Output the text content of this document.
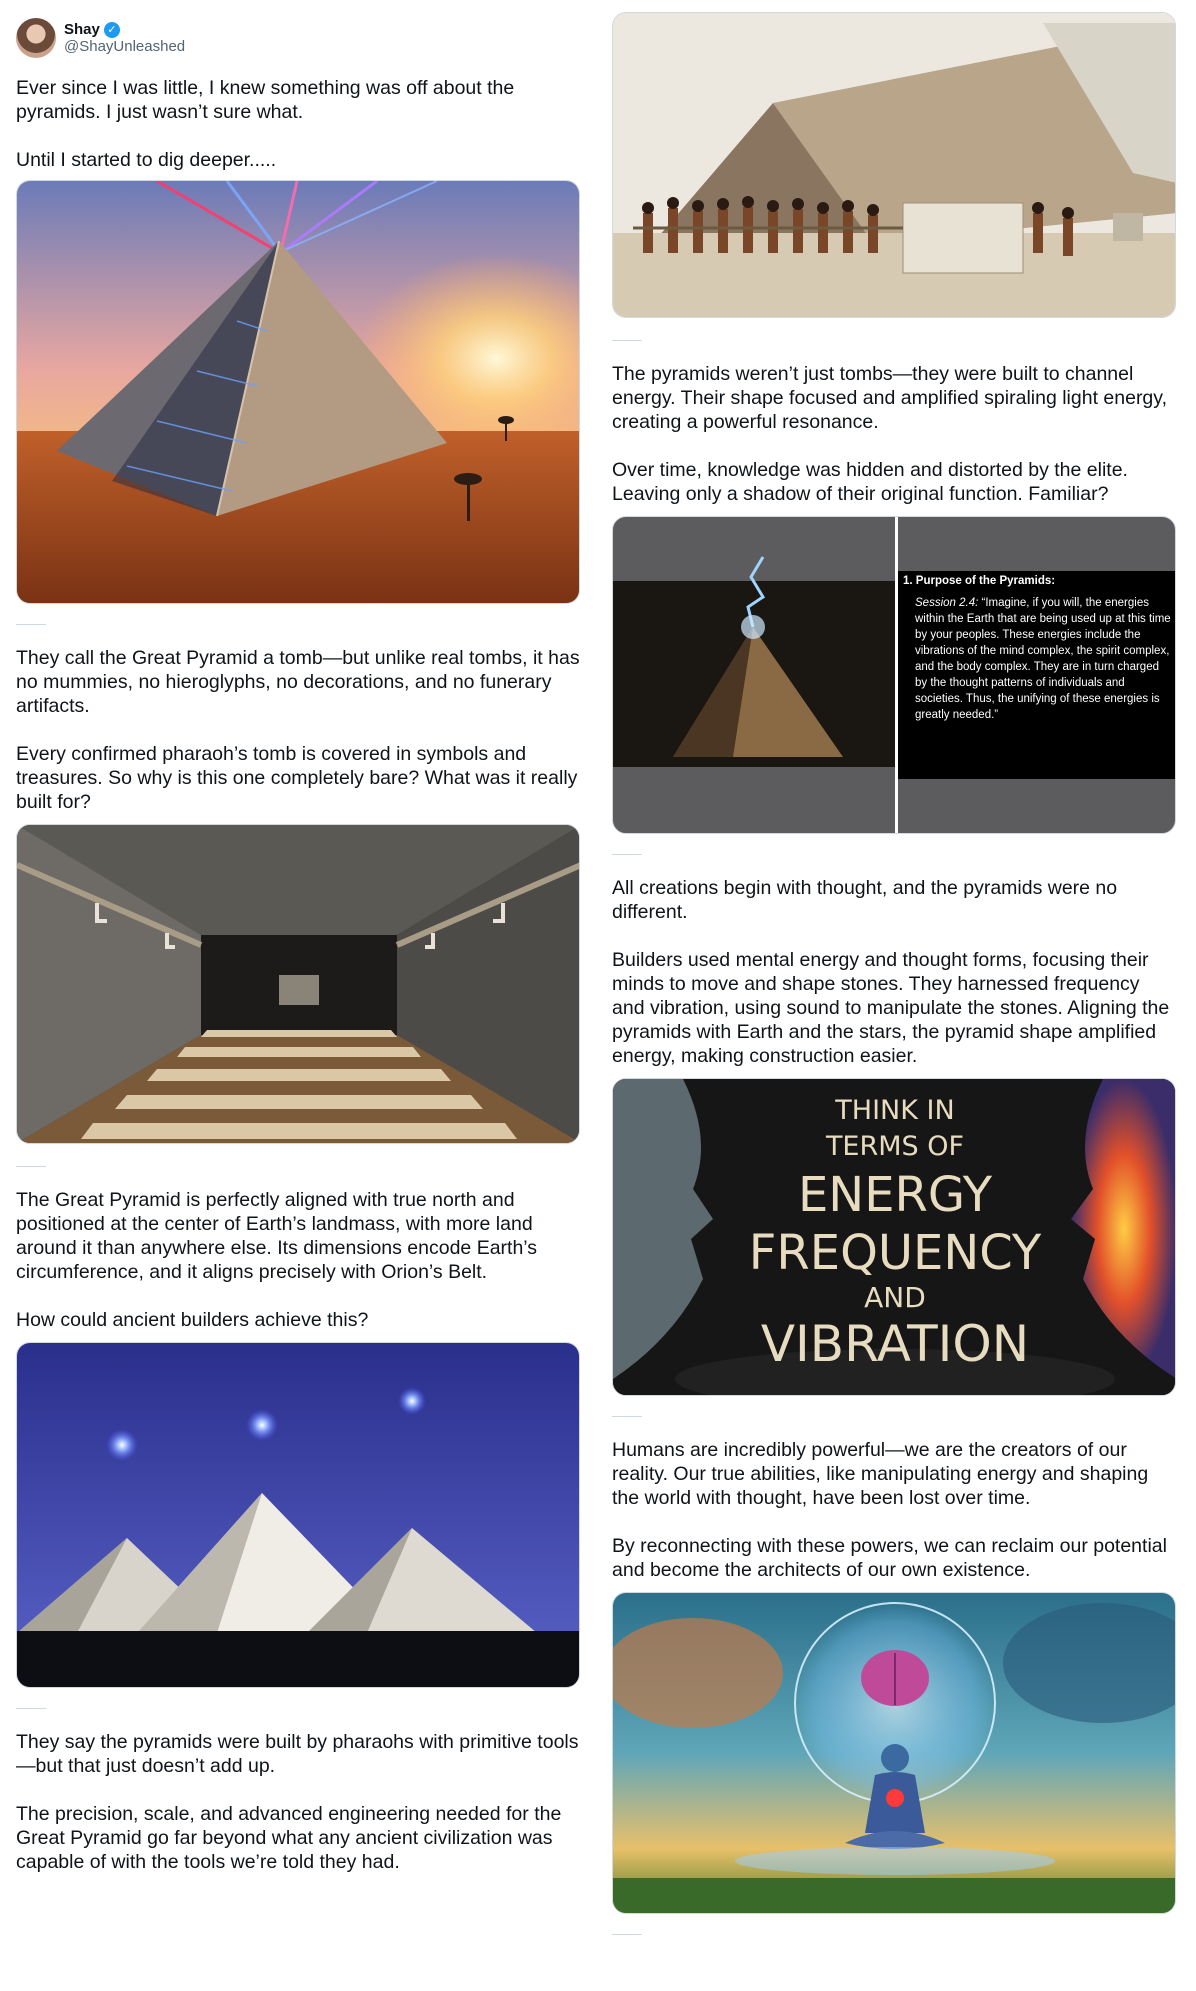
Shay ✓
@ShayUnleashed

Ever since I was little, I knew something was off about the pyramids. I just wasn’t sure what.

Until I started to dig deeper.....

They call the Great Pyramid a tomb—but unlike real tombs, it has no mummies, no hieroglyphs, no decorations, and no funerary artifacts.

Every confirmed pharaoh’s tomb is covered in symbols and treasures. So why is this one completely bare? What was it really built for?

The Great Pyramid is perfectly aligned with true north and positioned at the center of Earth’s landmass, with more land around it than anywhere else. Its dimensions encode Earth’s circumference, and it aligns precisely with Orion’s Belt.

How could ancient builders achieve this?

They say the pyramids were built by pharaohs with primitive tools—but that just doesn’t add up.

The precision, scale, and advanced engineering needed for the Great Pyramid go far beyond what any ancient civilization was capable of with the tools we’re told they had.

The pyramids weren’t just tombs—they were built to channel energy. Their shape focused and amplified spiraling light energy, creating a powerful resonance.

Over time, knowledge was hidden and distorted by the elite. Leaving only a shadow of their original function. Familiar?

1. Purpose of the Pyramids:
Session 2.4: “Imagine, if you will, the energies within the Earth that are being used up at this time by your peoples. These energies include the vibrations of the mind complex, the spirit complex, and the body complex. They are in turn charged by the thought patterns of individuals and societies. Thus, the unifying of these energies is greatly needed.”

All creations begin with thought, and the pyramids were no different.

Builders used mental energy and thought forms, focusing their minds to move and shape stones. They harnessed frequency and vibration, using sound to manipulate the stones. Aligning the pyramids with Earth and the stars, the pyramid shape amplified energy, making construction easier.

THINK IN
TERMS OF
ENERGY
FREQUENCY
AND
VIBRATION

Humans are incredibly powerful—we are the creators of our reality. Our true abilities, like manipulating energy and shaping the world with thought, have been lost over time.

By reconnecting with these powers, we can reclaim our potential and become the architects of our own existence.
